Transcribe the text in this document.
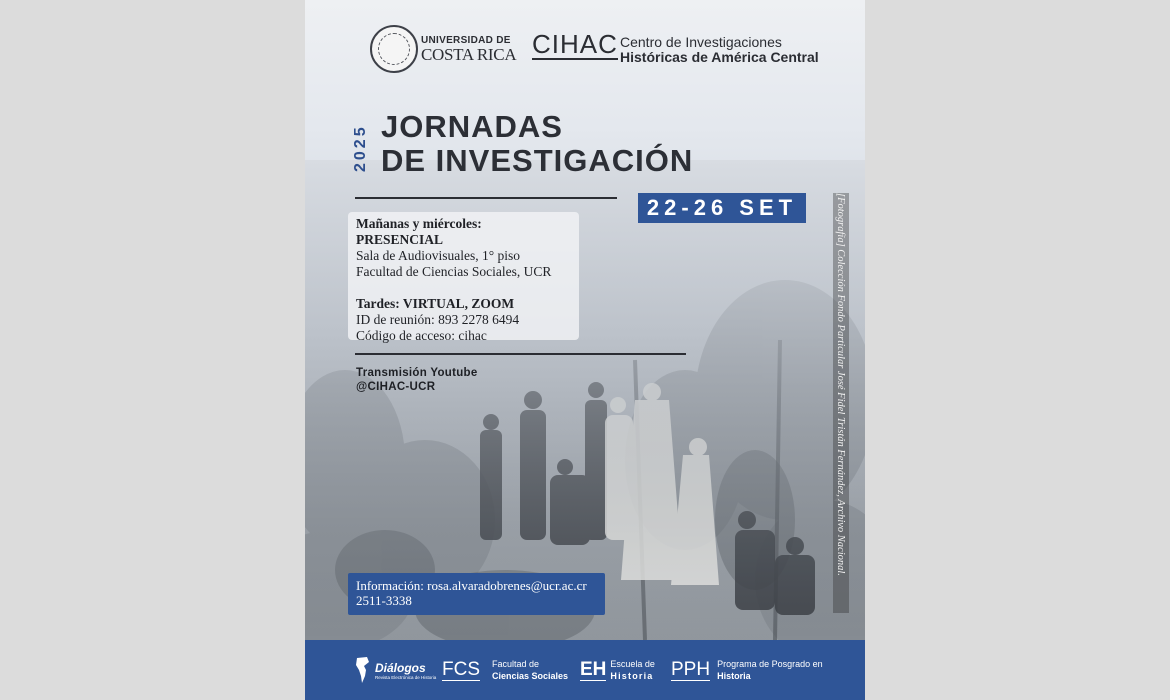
UNIVERSIDAD DE
COSTA RICA CIHAC Centro de Investigaciones
Históricas de América Central
2025 JORNADAS
DE INVESTIGACIÓN
22-26 SET
Mañanas y miércoles: PRESENCIAL
Sala de Audiovisuales, 1° piso
Facultad de Ciencias Sociales, UCR
Tardes: VIRTUAL, ZOOM
ID de reunión: 893 2278 6494
Código de acceso: cihac
Transmisión Youtube
@CIHAC-UCR
Información: rosa.alvaradobrenes@ucr.ac.cr
2511-3338
[Fotografía] Colección Fondo Particular José Fidel Tristán Fernández, Archivo Nacional.
Diálogos
Revista Electrónica de Historia FCS Facultad de
Ciencias Sociales EH Escuela de
Historia PPH Programa de Posgrado en
Historia
